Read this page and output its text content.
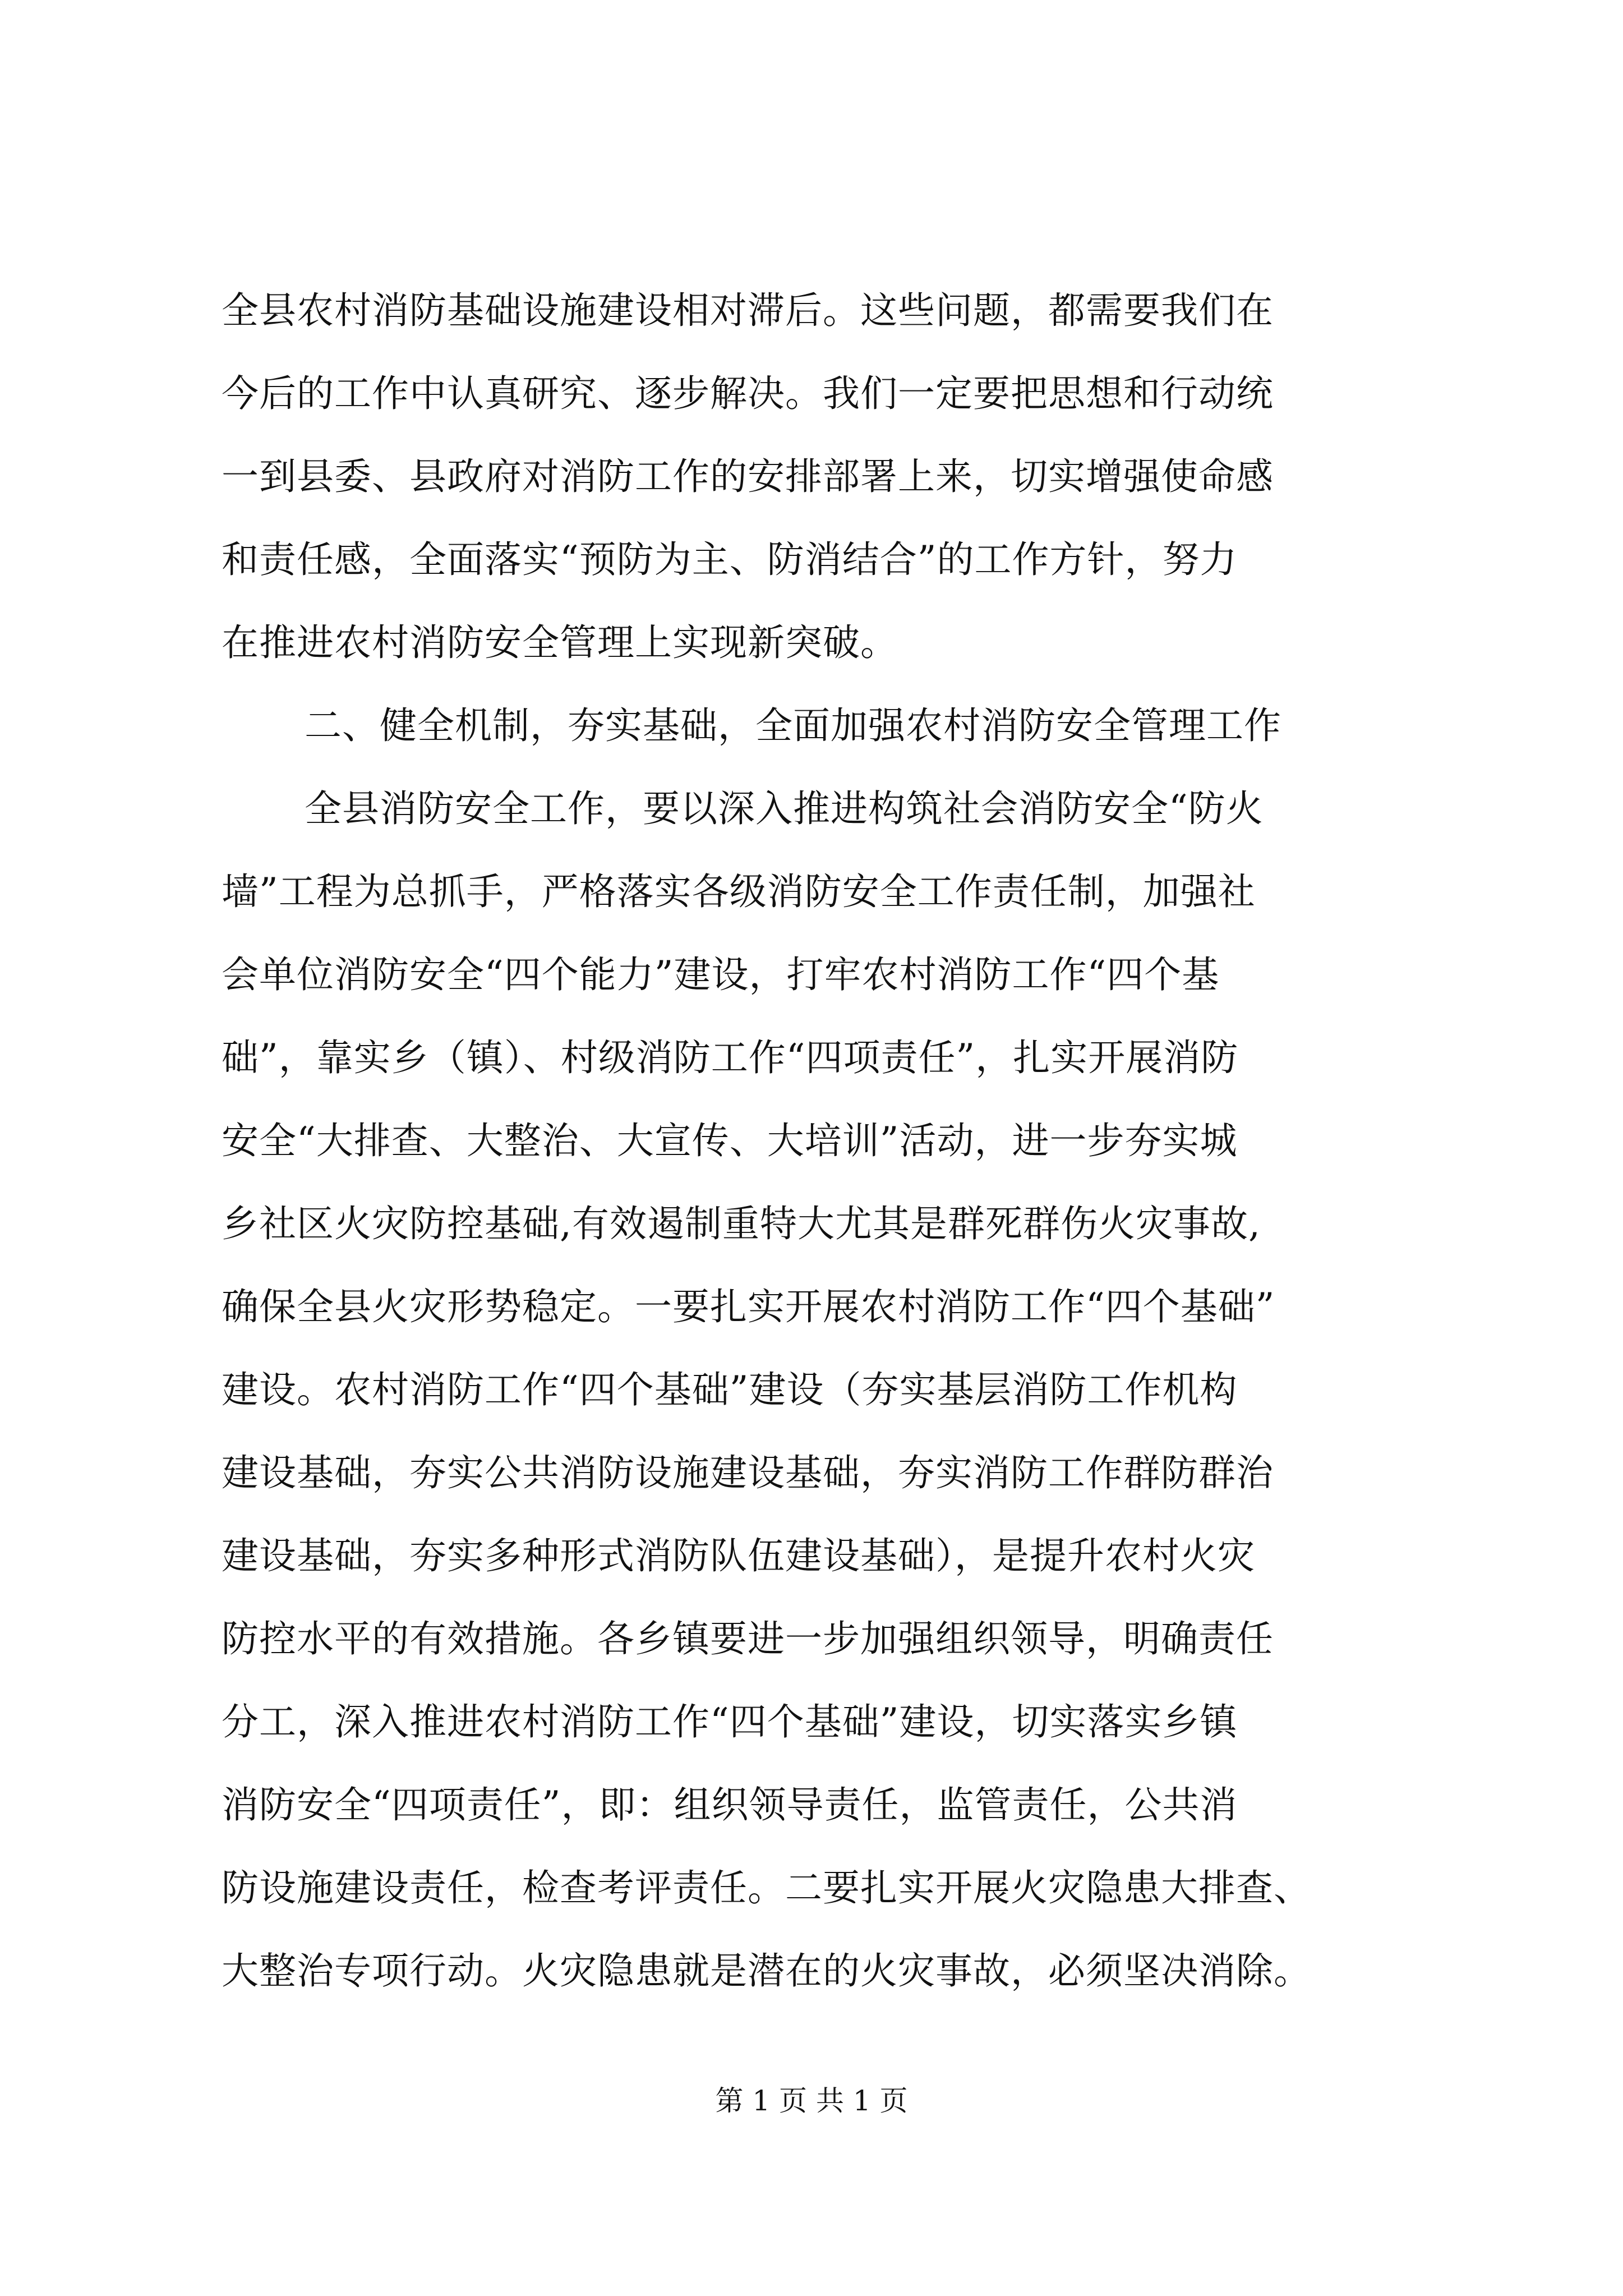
全县农村消防基础设施建设相对滞后。这些问题，都需要我们在
今后的工作中认真研究、逐步解决。我们一定要把思想和行动统
一到县委、县政府对消防工作的安排部署上来，切实增强使命感
和责任感，全面落实“预防为主、防消结合”的工作方针，努力
在推进农村消防安全管理上实现新突破。
二、健全机制，夯实基础，全面加强农村消防安全管理工作
全县消防安全工作，要以深入推进构筑社会消防安全“防火
墙”工程为总抓手，严格落实各级消防安全工作责任制，加强社
会单位消防安全“四个能力”建设，打牢农村消防工作“四个基
础”，靠实乡（镇）、村级消防工作“四项责任”，扎实开展消防
安全“大排查、大整治、大宣传、大培训”活动，进一步夯实城
乡社区火灾防控基础,有效遏制重特大尤其是群死群伤火灾事故,
确保全县火灾形势稳定。一要扎实开展农村消防工作“四个基础”
建设。农村消防工作“四个基础”建设（夯实基层消防工作机构
建设基础，夯实公共消防设施建设基础，夯实消防工作群防群治
建设基础，夯实多种形式消防队伍建设基础），是提升农村火灾
防控水平的有效措施。各乡镇要进一步加强组织领导，明确责任
分工，深入推进农村消防工作“四个基础”建设，切实落实乡镇
消防安全“四项责任”，即：组织领导责任，监管责任，公共消
防设施建设责任，检查考评责任。二要扎实开展火灾隐患大排查、
大整治专项行动。火灾隐患就是潜在的火灾事故，必须坚决消除。
第 1 页 共 1 页
